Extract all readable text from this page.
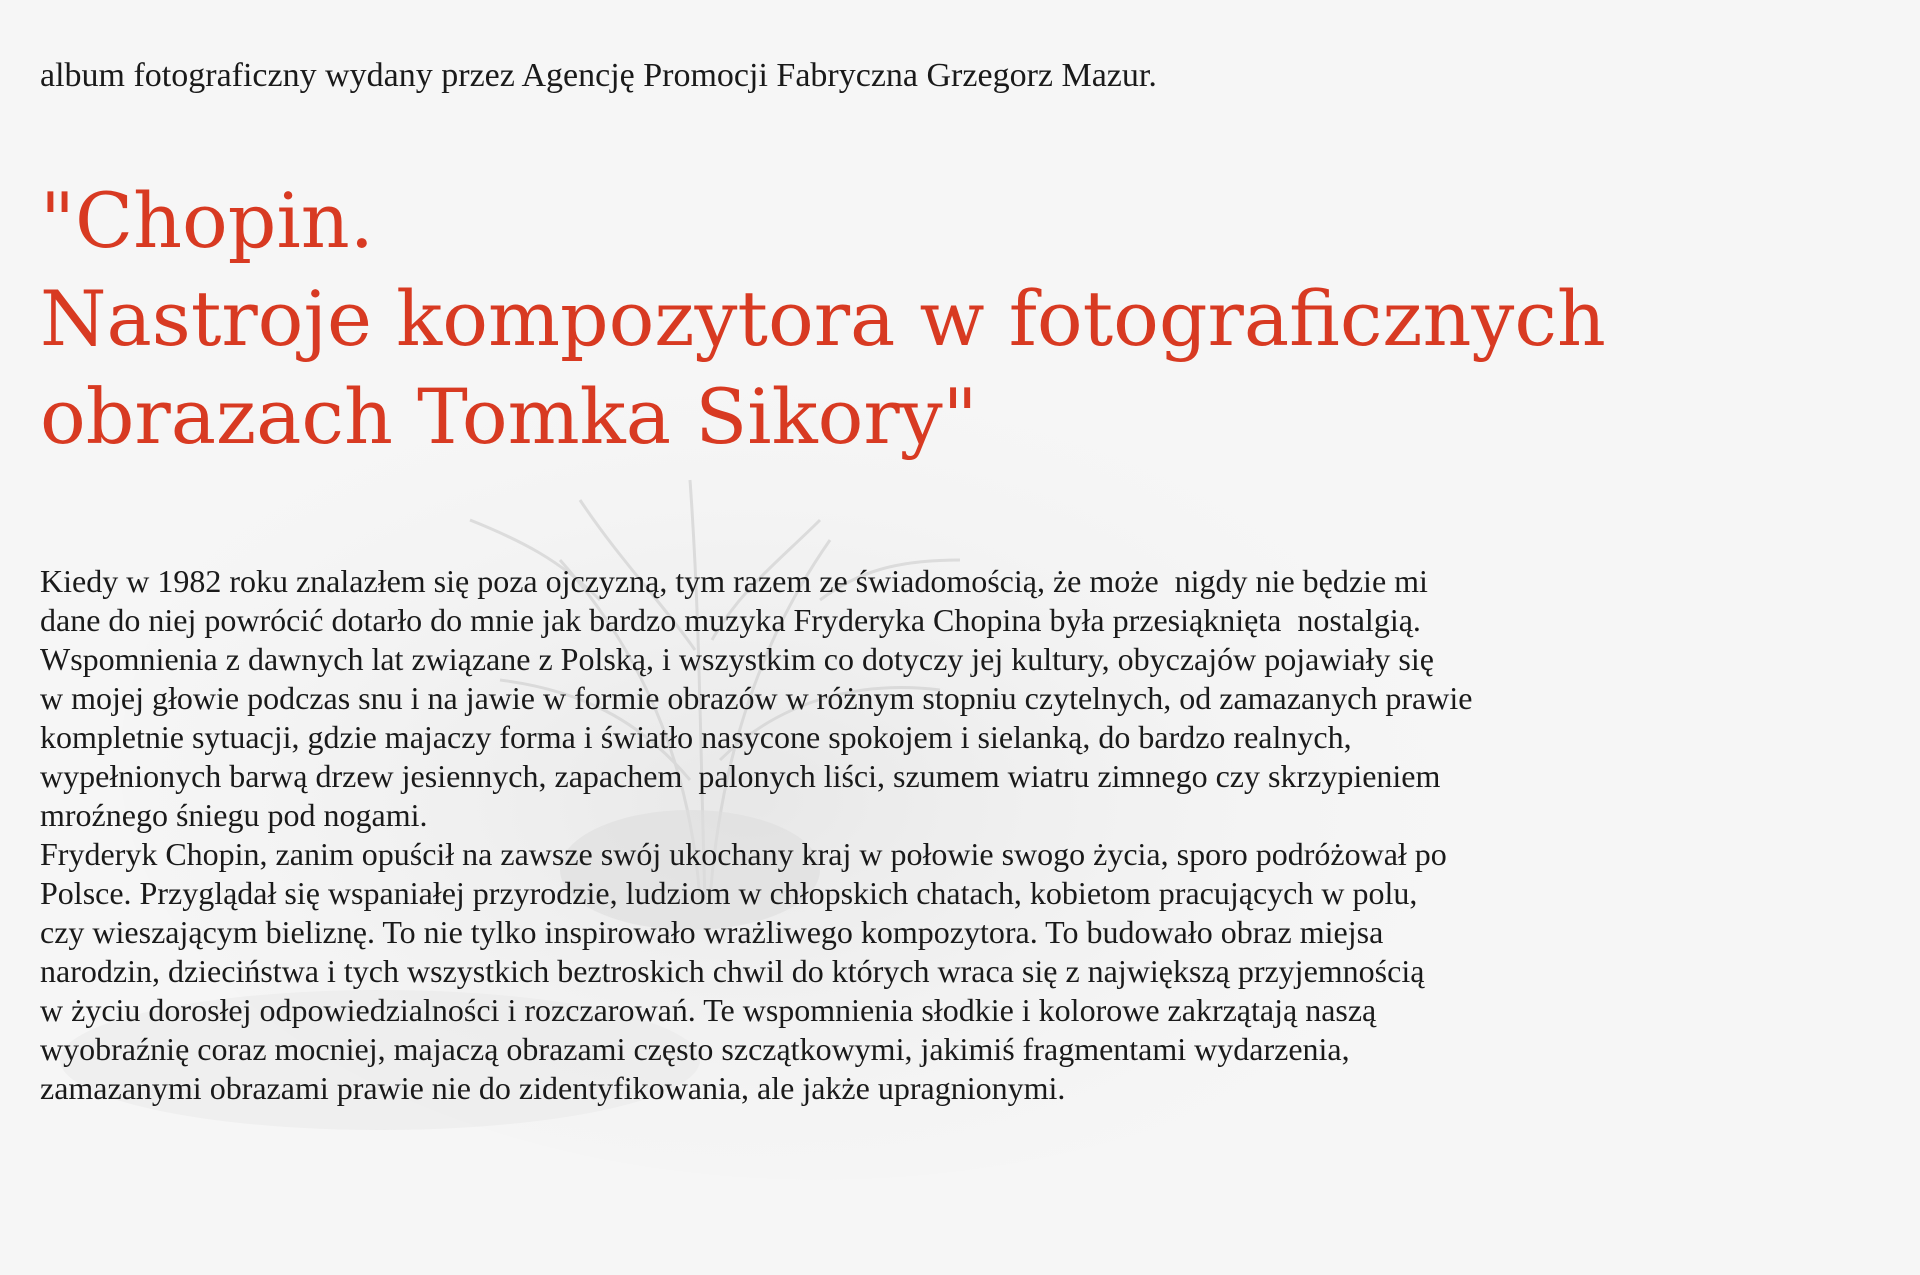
album fotograficzny wydany przez Agencję Promocji Fabryczna Grzegorz Mazur.
"Chopin.
Nastroje kompozytora w fotograficznych
obrazach Tomka Sikory"
Kiedy w 1982 roku znalazłem się poza ojczyzną, tym razem ze świadomością, że może  nigdy nie będzie mi
dane do niej powrócić dotarło do mnie jak bardzo muzyka Fryderyka Chopina była przesiąknięta  nostalgią.
Wspomnienia z dawnych lat związane z Polską, i wszystkim co dotyczy jej kultury, obyczajów pojawiały się
w mojej głowie podczas snu i na jawie w formie obrazów w różnym stopniu czytelnych, od zamazanych prawie
kompletnie sytuacji, gdzie majaczy forma i światło nasycone spokojem i sielanką, do bardzo realnych,
wypełnionych barwą drzew jesiennych, zapachem  palonych liści, szumem wiatru zimnego czy skrzypieniem
mroźnego śniegu pod nogami.
Fryderyk Chopin, zanim opuścił na zawsze swój ukochany kraj w połowie swogo życia, sporo podróżował po
Polsce. Przyglądał się wspaniałej przyrodzie, ludziom w chłopskich chatach, kobietom pracujących w polu,
czy wieszającym bieliznę. To nie tylko inspirowało wrażliwego kompozytora. To budowało obraz miejsa
narodzin, dzieciństwa i tych wszystkich beztroskich chwil do których wraca się z największą przyjemnością
w życiu dorosłej odpowiedzialności i rozczarowań. Te wspomnienia słodkie i kolorowe zakrzątają naszą
wyobraźnię coraz mocniej, majaczą obrazami często szczątkowymi, jakimiś fragmentami wydarzenia,
zamazanymi obrazami prawie nie do zidentyfikowania, ale jakże upragnionymi.
